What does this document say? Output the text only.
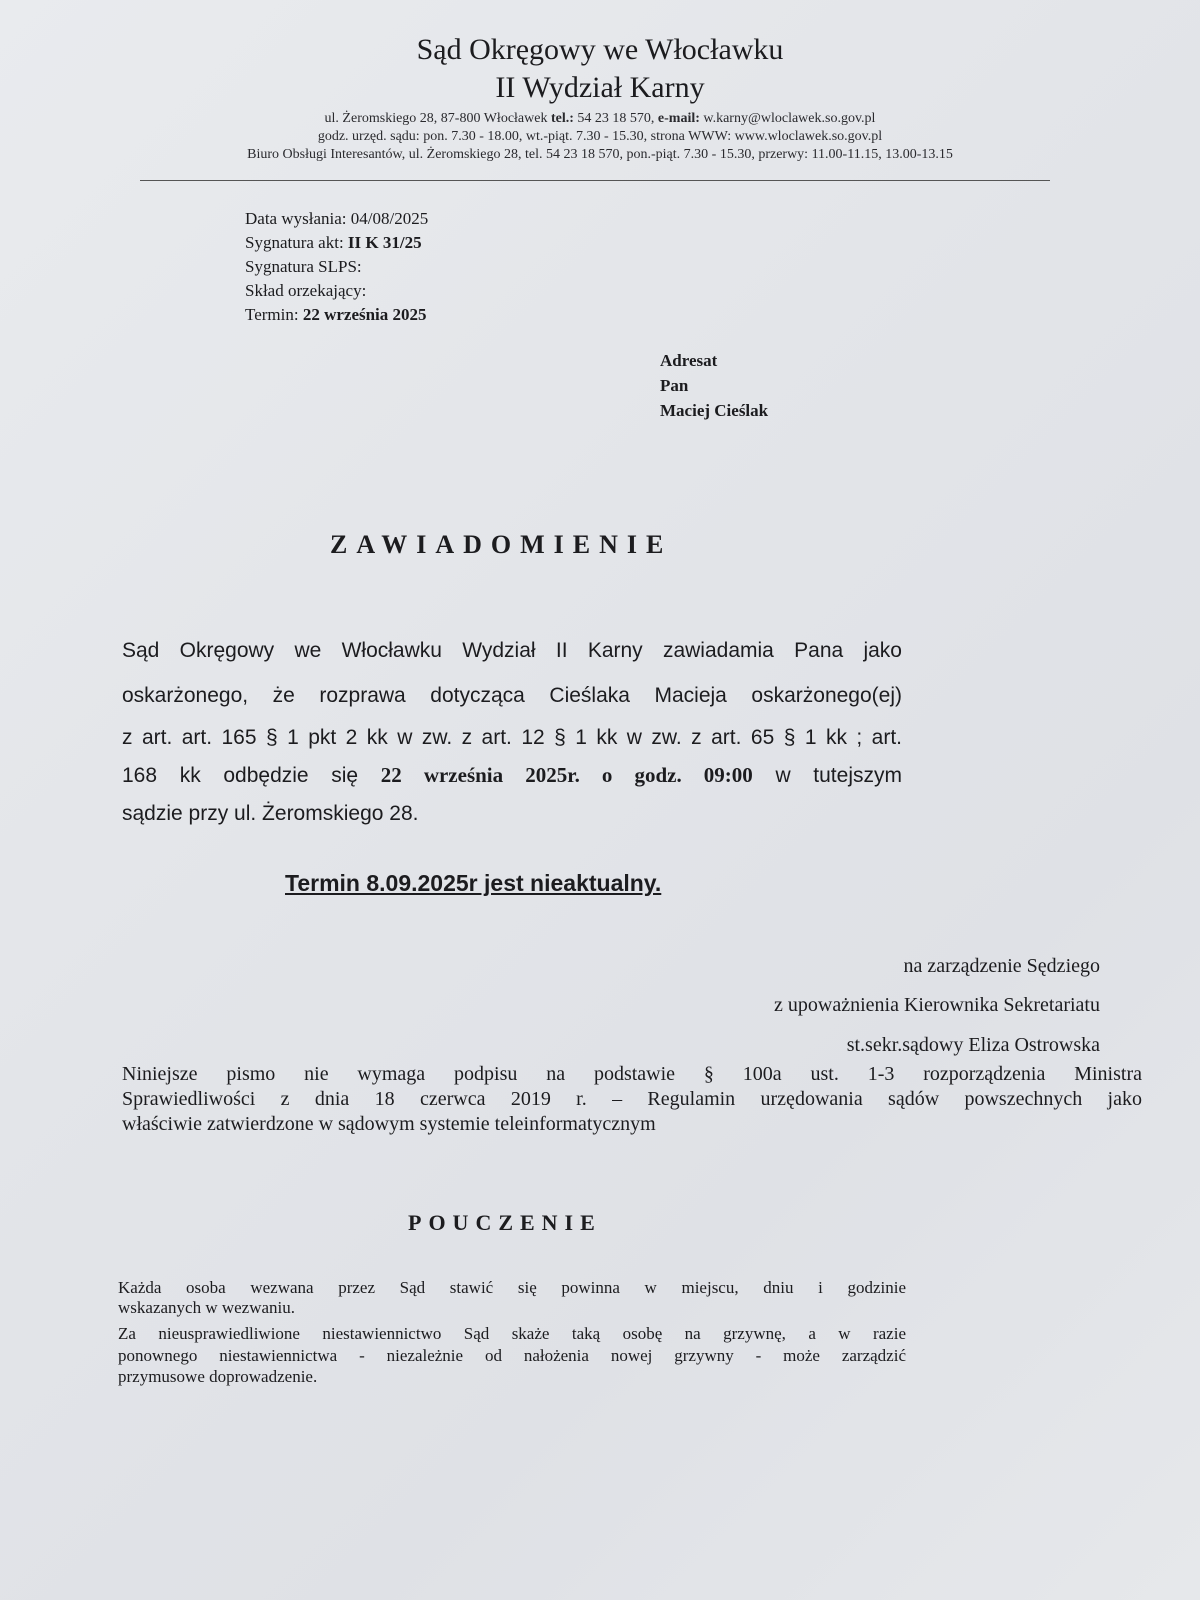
Sąd Okręgowy we Włocławku
II Wydział Karny
ul. Żeromskiego 28, 87-800 Włocławek tel.: 54 23 18 570, e-mail: w.karny@wloclawek.so.gov.pl
godz. urzęd. sądu: pon. 7.30 - 18.00, wt.-piąt. 7.30 - 15.30, strona WWW: www.wloclawek.so.gov.pl
Biuro Obsługi Interesantów, ul. Żeromskiego 28, tel. 54 23 18 570, pon.-piąt. 7.30 - 15.30, przerwy: 11.00-11.15, 13.00-13.15
Data wysłania: 04/08/2025
Sygnatura akt: II K 31/25
Sygnatura SLPS:
Skład orzekający:
Termin: 22 września 2025
Adresat
Pan
Maciej Cieślak
ZAWIADOMIENIE
Sąd Okręgowy we Włocławku Wydział II Karny zawiadamia Pana jako
oskarżonego, że rozprawa dotycząca Cieślaka Macieja oskarżonego(ej)
z art. art. 165 § 1 pkt 2 kk w zw. z art. 12 § 1 kk w zw. z art. 65 § 1 kk ; art.
168 kk odbędzie się 22 września 2025r. o godz. 09:00 w tutejszym
sądzie przy ul. Żeromskiego 28.
Termin 8.09.2025r jest nieaktualny.
na zarządzenie Sędziego
z upoważnienia Kierownika Sekretariatu
st.sekr.sądowy Eliza Ostrowska
Niniejsze pismo nie wymaga podpisu na podstawie § 100a ust. 1-3 rozporządzenia Ministra
Sprawiedliwości z dnia 18 czerwca 2019 r. – Regulamin urzędowania sądów powszechnych jako
właściwie zatwierdzone w sądowym systemie teleinformatycznym
POUCZENIE
Każda osoba wezwana przez Sąd stawić się powinna w miejscu, dniu i godzinie
wskazanych w wezwaniu.
Za nieusprawiedliwione niestawiennictwo Sąd skaże taką osobę na grzywnę, a w razie
ponownego niestawiennictwa - niezależnie od nałożenia nowej grzywny - może zarządzić
przymusowe doprowadzenie.
